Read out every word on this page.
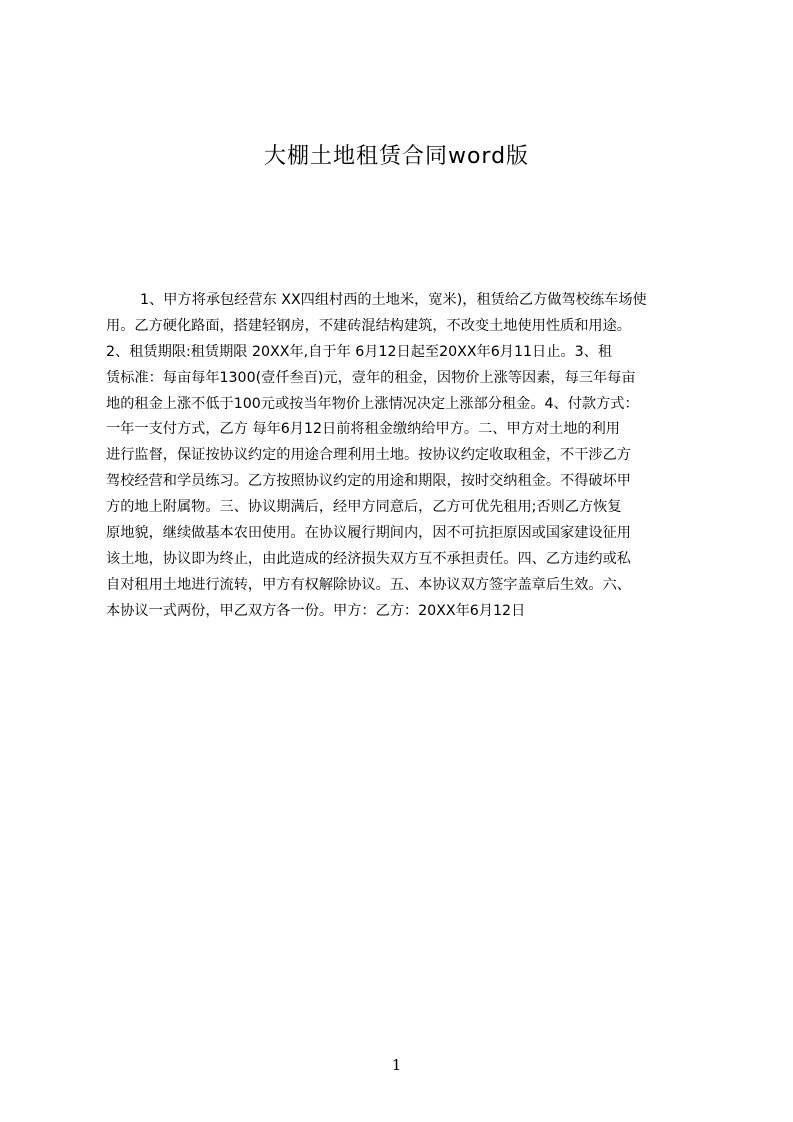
大棚土地租赁合同word版
1、甲方将承包经营东 XX四组村西的土地米，宽米)，租赁给乙方做驾校练车场使
用。乙方硬化路面，搭建轻钢房，不建砖混结构建筑，不改变土地使用性质和用途。
2、租赁期限:租赁期限 20XX年,自于年 6月12日起至20XX年6月11日止。3、租
赁标准：每亩每年1300(壹仟叁百)元，壹年的租金，因物价上涨等因素，每三年每亩
地的租金上涨不低于100元或按当年物价上涨情况决定上涨部分租金。4、付款方式：
一年一支付方式，乙方 每年6月12日前将租金缴纳给甲方。二、甲方对土地的利用
进行监督，保证按协议约定的用途合理利用土地。按协议约定收取租金，不干涉乙方
驾校经营和学员练习。乙方按照协议约定的用途和期限，按时交纳租金。不得破坏甲
方的地上附属物。三、协议期满后，经甲方同意后，乙方可优先租用;否则乙方恢复
原地貌，继续做基本农田使用。在协议履行期间内，因不可抗拒原因或国家建设征用
该土地，协议即为终止，由此造成的经济损失双方互不承担责任。四、乙方违约或私
自对租用土地进行流转，甲方有权解除协议。五、本协议双方签字盖章后生效。六、
本协议一式两份，甲乙双方各一份。甲方：乙方：20XX年6月12日
1
